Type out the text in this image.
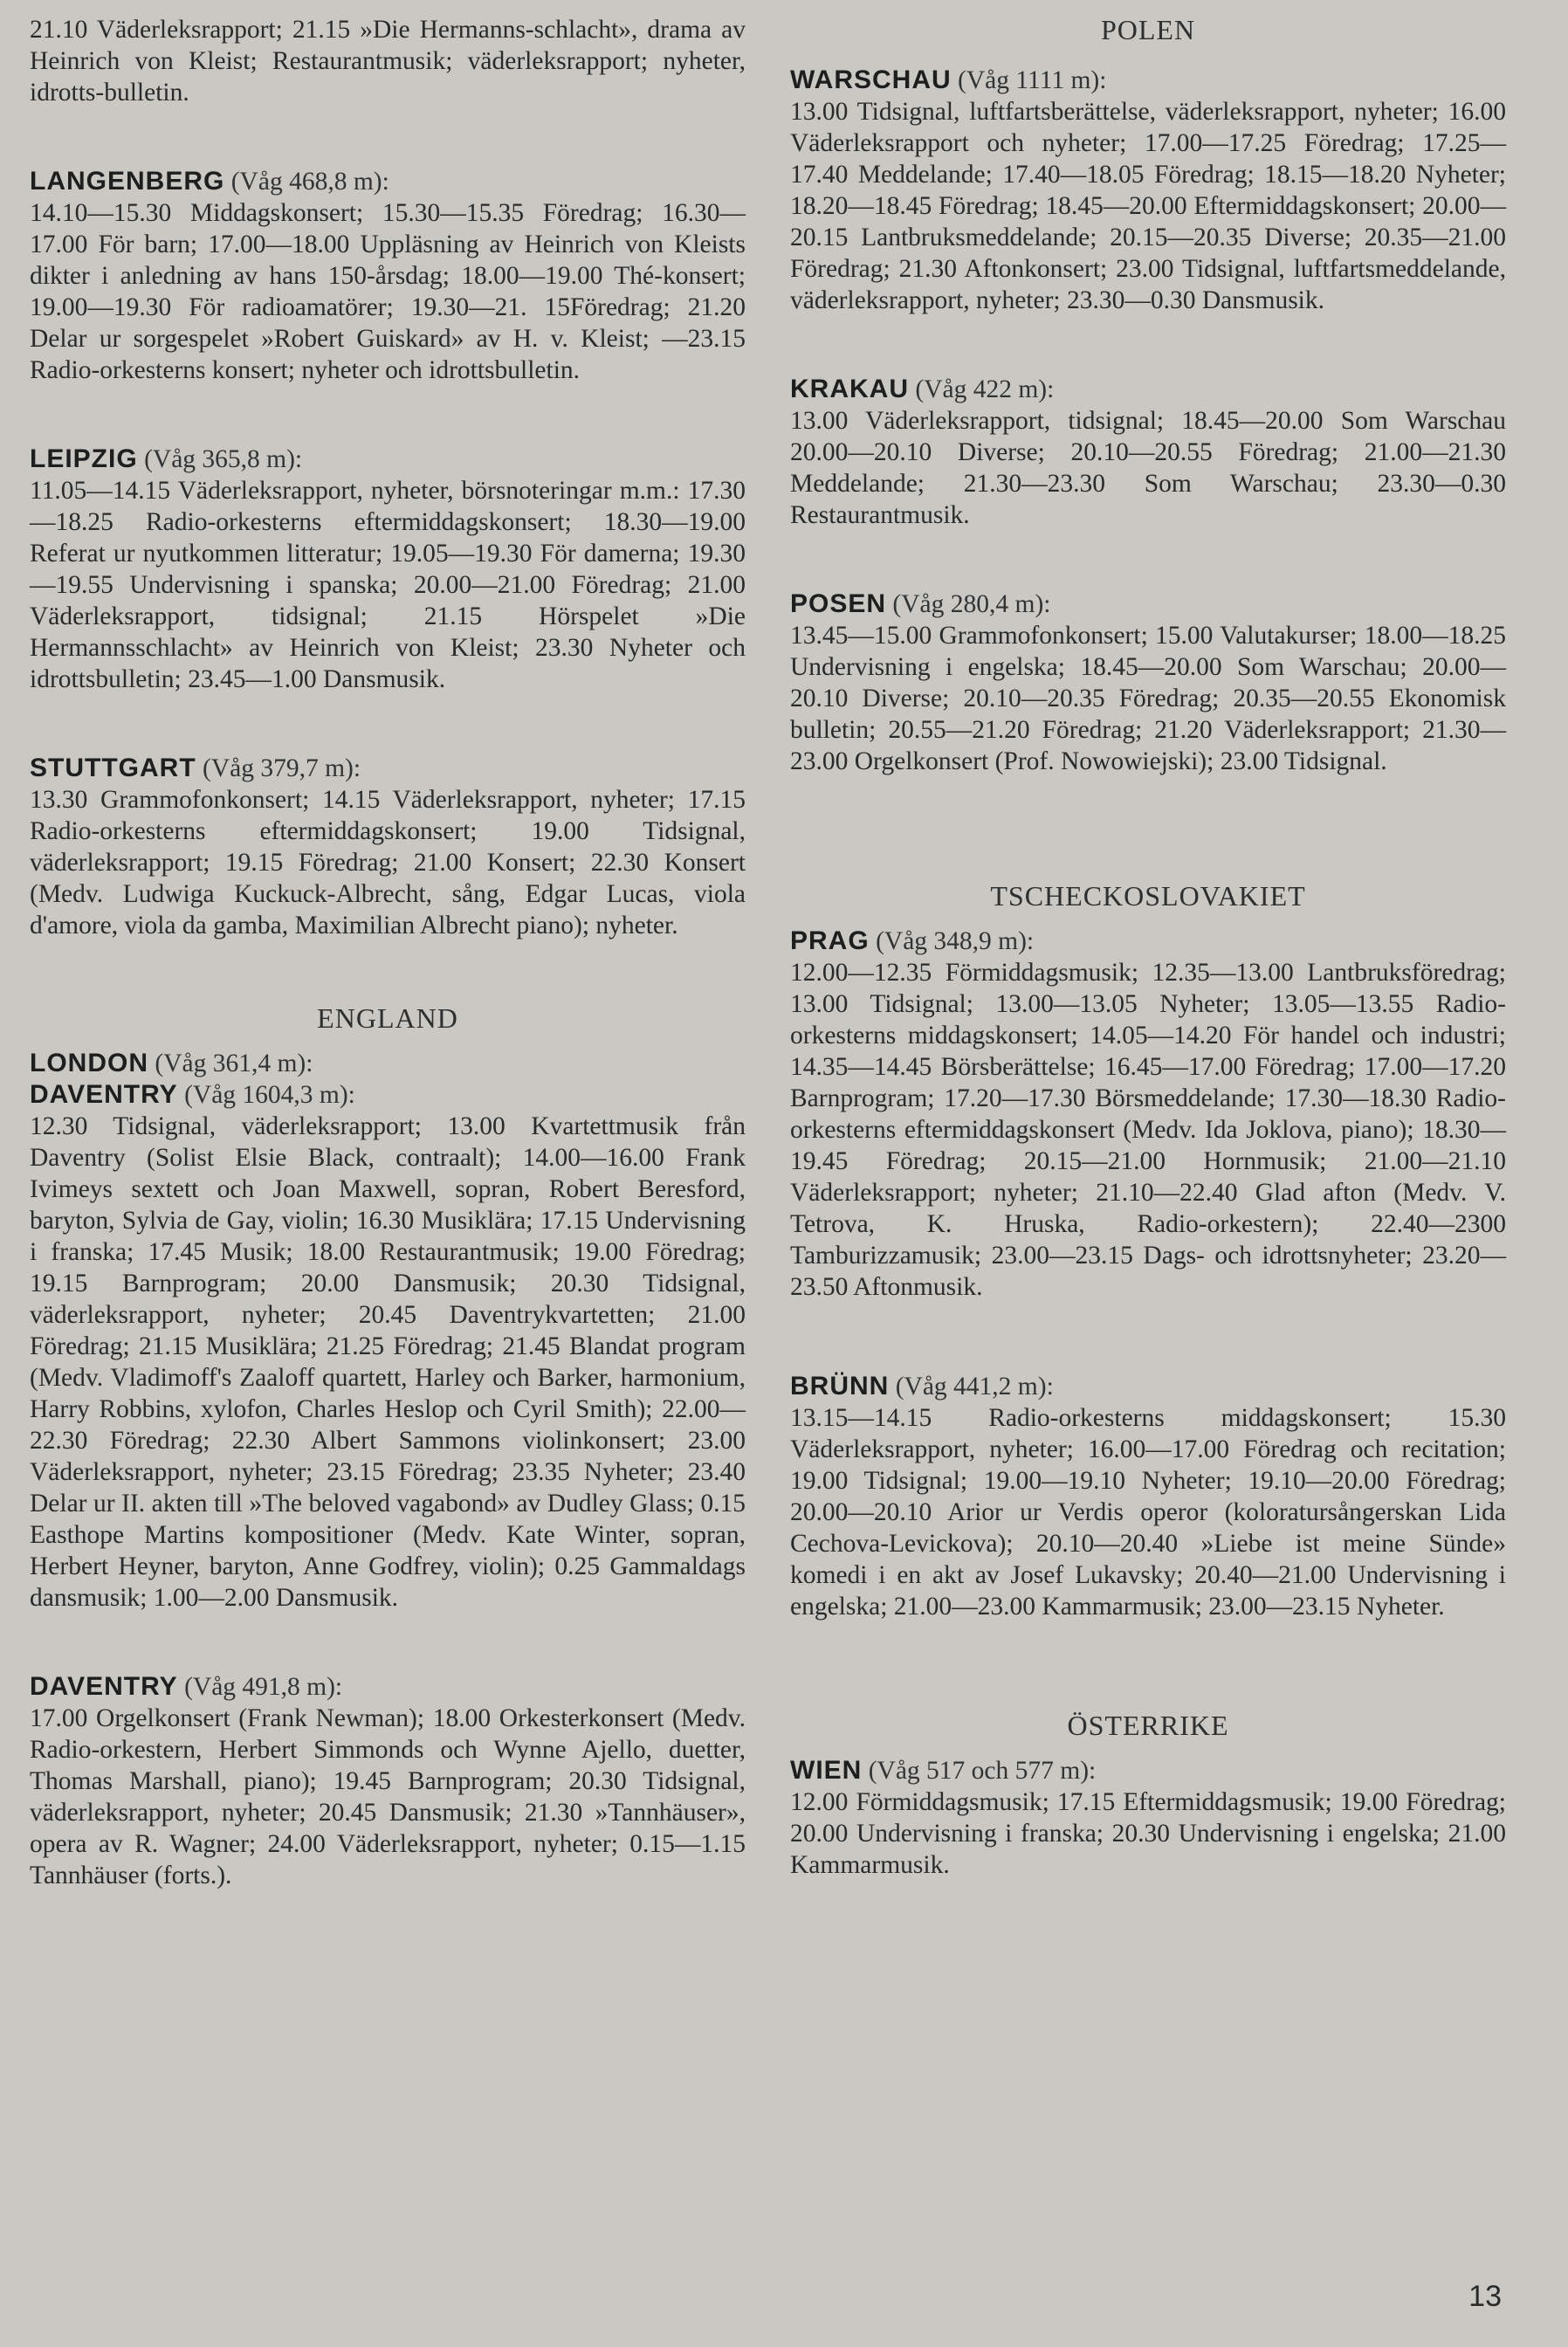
21.10 Väderleksrapport; 21.15 »Die Hermanns-schlacht», drama av Heinrich von Kleist; Restaurantmusik; väderleksrapport; nyheter, idrotts-bulletin.

LANGENBERG (Våg 468,8 m):

14.10—15.30 Middagskonsert; 15.30—15.35 Föredrag; 16.30—17.00 För barn; 17.00—18.00 Uppläsning av Heinrich von Kleists dikter i anledning av hans 150-årsdag; 18.00—19.00 Thé-konsert; 19.00—19.30 För radioamatörer; 19.30—21. 15Föredrag; 21.20 Delar ur sorgespelet »Robert Guiskard» av H. v. Kleist; —23.15 Radio-orkesterns konsert; nyheter och idrottsbulletin.

LEIPZIG (Våg 365,8 m):

11.05—14.15 Väderleksrapport, nyheter, börsnoteringar m.m.: 17.30—18.25 Radio-orkesterns eftermiddagskonsert; 18.30—19.00 Referat ur nyutkommen litteratur; 19.05—19.30 För damerna; 19.30—19.55 Undervisning i spanska; 20.00—21.00 Föredrag; 21.00 Väderleksrapport, tidsignal; 21.15 Hörspelet »Die Hermannsschlacht» av Heinrich von Kleist; 23.30 Nyheter och idrottsbulletin; 23.45—1.00 Dansmusik.

STUTTGART (Våg 379,7 m):

13.30 Grammofonkonsert; 14.15 Väderleksrapport, nyheter; 17.15 Radio-orkesterns eftermiddagskonsert; 19.00 Tidsignal, väderleksrapport; 19.15 Föredrag; 21.00 Konsert; 22.30 Konsert (Medv. Ludwiga Kuckuck-Albrecht, sång, Edgar Lucas, viola d'amore, viola da gamba, Maximilian Albrecht piano); nyheter.

ENGLAND

LONDON (Våg 361,4 m):

DAVENTRY (Våg 1604,3 m):

12.30 Tidsignal, väderleksrapport; 13.00 Kvartettmusik från Daventry (Solist Elsie Black, contraalt); 14.00—16.00 Frank Ivimeys sextett och Joan Maxwell, sopran, Robert Beresford, baryton, Sylvia de Gay, violin; 16.30 Musiklära; 17.15 Undervisning i franska; 17.45 Musik; 18.00 Restaurantmusik; 19.00 Föredrag; 19.15 Barnprogram; 20.00 Dansmusik; 20.30 Tidsignal, väderleksrapport, nyheter; 20.45 Daventrykvartetten; 21.00 Föredrag; 21.15 Musiklära; 21.25 Föredrag; 21.45 Blandat program (Medv. Vladimoff's Zaaloff quartett, Harley och Barker, harmonium, Harry Robbins, xylofon, Charles Heslop och Cyril Smith); 22.00—22.30 Föredrag; 22.30 Albert Sammons violinkonsert; 23.00 Väderleksrapport, nyheter; 23.15 Föredrag; 23.35 Nyheter; 23.40 Delar ur II. akten till »The beloved vagabond» av Dudley Glass; 0.15 Easthope Martins kompositioner (Medv. Kate Winter, sopran, Herbert Heyner, baryton, Anne Godfrey, violin); 0.25 Gammaldags dansmusik; 1.00—2.00 Dansmusik.

DAVENTRY (Våg 491,8 m):

17.00 Orgelkonsert (Frank Newman); 18.00 Orkesterkonsert (Medv. Radio-orkestern, Herbert Simmonds och Wynne Ajello, duetter, Thomas Marshall, piano); 19.45 Barnprogram; 20.30 Tidsignal, väderleksrapport, nyheter; 20.45 Dansmusik; 21.30 »Tannhäuser», opera av R. Wagner; 24.00 Väderleksrapport, nyheter; 0.15—1.15 Tannhäuser (forts.).

POLEN

WARSCHAU (Våg 1111 m):

13.00 Tidsignal, luftfartsberättelse, väderleksrapport, nyheter; 16.00 Väderleksrapport och nyheter; 17.00—17.25 Föredrag; 17.25—17.40 Meddelande; 17.40—18.05 Föredrag; 18.15—18.20 Nyheter; 18.20—18.45 Föredrag; 18.45—20.00 Eftermiddagskonsert; 20.00—20.15 Lantbruksmeddelande; 20.15—20.35 Diverse; 20.35—21.00 Föredrag; 21.30 Aftonkonsert; 23.00 Tidsignal, luftfartsmeddelande, väderleksrapport, nyheter; 23.30—0.30 Dansmusik.

KRAKAU (Våg 422 m):

13.00 Väderleksrapport, tidsignal; 18.45—20.00 Som Warschau 20.00—20.10 Diverse; 20.10—20.55 Föredrag; 21.00—21.30 Meddelande; 21.30—23.30 Som Warschau; 23.30—0.30 Restaurantmusik.

POSEN (Våg 280,4 m):

13.45—15.00 Grammofonkonsert; 15.00 Valutakurser; 18.00—18.25 Undervisning i engelska; 18.45—20.00 Som Warschau; 20.00—20.10 Diverse; 20.10—20.35 Föredrag; 20.35—20.55 Ekonomisk bulletin; 20.55—21.20 Föredrag; 21.20 Väderleksrapport; 21.30—23.00 Orgelkonsert (Prof. Nowowiejski); 23.00 Tidsignal.

TSCHECKOSLOVAKIET

PRAG (Våg 348,9 m):

12.00—12.35 Förmiddagsmusik; 12.35—13.00 Lantbruksföredrag; 13.00 Tidsignal; 13.00—13.05 Nyheter; 13.05—13.55 Radio-orkesterns middagskonsert; 14.05—14.20 För handel och industri; 14.35—14.45 Börsberättelse; 16.45—17.00 Föredrag; 17.00—17.20 Barnprogram; 17.20—17.30 Börsmeddelande; 17.30—18.30 Radio-orkesterns eftermiddagskonsert (Medv. Ida Joklova, piano); 18.30—19.45 Föredrag; 20.15—21.00 Hornmusik; 21.00—21.10 Väderleksrapport; nyheter; 21.10—22.40 Glad afton (Medv. V. Tetrova, K. Hruska, Radio-orkestern); 22.40—2300 Tamburizzamusik; 23.00—23.15 Dags- och idrottsnyheter; 23.20—23.50 Aftonmusik.

BRÜNN (Våg 441,2 m):

13.15—14.15 Radio-orkesterns middagskonsert; 15.30 Väderleksrapport, nyheter; 16.00—17.00 Föredrag och recitation; 19.00 Tidsignal; 19.00—19.10 Nyheter; 19.10—20.00 Föredrag; 20.00—20.10 Arior ur Verdis operor (koloratursångerskan Lida Cechova-Levickova); 20.10—20.40 »Liebe ist meine Sünde» komedi i en akt av Josef Lukavsky; 20.40—21.00 Undervisning i engelska; 21.00—23.00 Kammarmusik; 23.00—23.15 Nyheter.

ÖSTERRIKE

WIEN (Våg 517 och 577 m):

12.00 Förmiddagsmusik; 17.15 Eftermiddagsmusik; 19.00 Föredrag; 20.00 Undervisning i franska; 20.30 Undervisning i engelska; 21.00 Kammarmusik.

13
